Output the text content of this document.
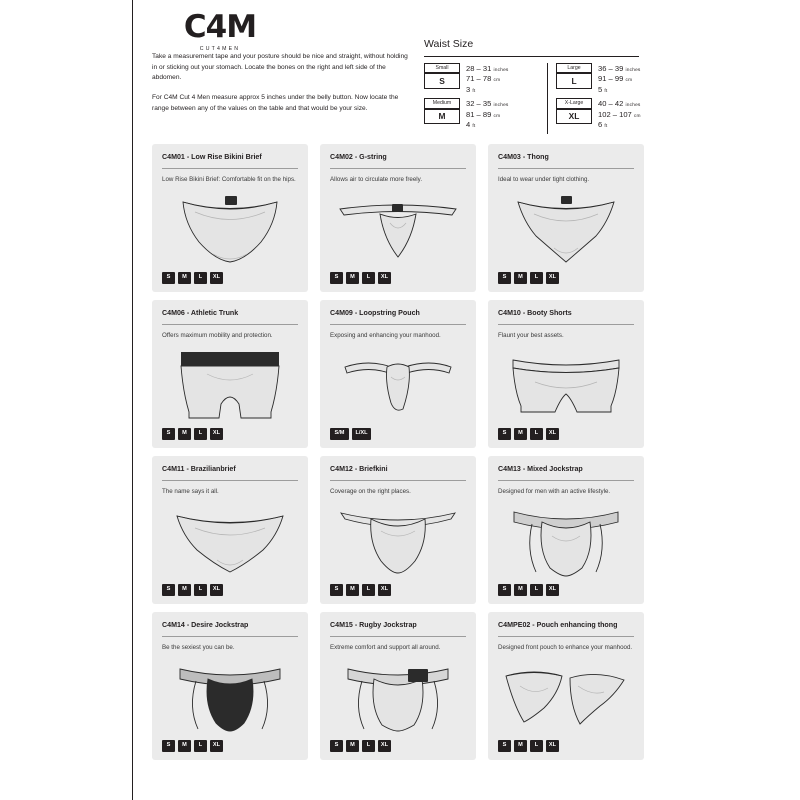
C4M
CUT4MEN

Take a measurement tape and your posture should be nice and straight, without holding in or sticking out your stomach. Locate the bones on the right and left side of the abdomen.

For C4M Cut 4 Men measure approx 5 inches under the belly button. Now locate the range between any of the values on the table and that would be your size.

Waist Size
Small
S
28 – 31 inches
71 – 78 cm
3 ft
Medium
M
32 – 35 inches
81 – 89 cm
4 ft
Large
L
36 – 39 inches
91 – 99 cm
5 ft
X-Large
XL
40 – 42 inches
102 – 107 cm
6 ft
C4M01 - Low Rise Bikini Brief
Low Rise Bikini Brief: Comfortable fit on the hips.
S	M	L	XL
C4M02 - G-string
Allows air to circulate more freely.
S	M	L	XL
C4M03 - Thong
Ideal to wear under tight clothing.
S	M	L	XL
C4M06 - Athletic Trunk
Offers maximum mobility and protection.
S	M	L	XL
C4M09 - Loopstring Pouch
Exposing and enhancing your manhood.
S/M	L/XL
C4M10 - Booty Shorts
Flaunt your best assets.
S	M	L	XL
C4M11 - Brazilianbrief
The name says it all.
S	M	L	XL
C4M12 - Briefkini
Coverage on the right places.
S	M	L	XL
C4M13 - Mixed Jockstrap
Designed for men with an active lifestyle.
S	M	L	XL
C4M14 - Desire Jockstrap
Be the sexiest you can be.
S	M	L	XL
C4M15 - Rugby Jockstrap
Extreme comfort and support all around.
S	M	L	XL
C4MPE02 - Pouch enhancing thong
Designed front pouch to enhance your manhood.
S	M	L	XL
